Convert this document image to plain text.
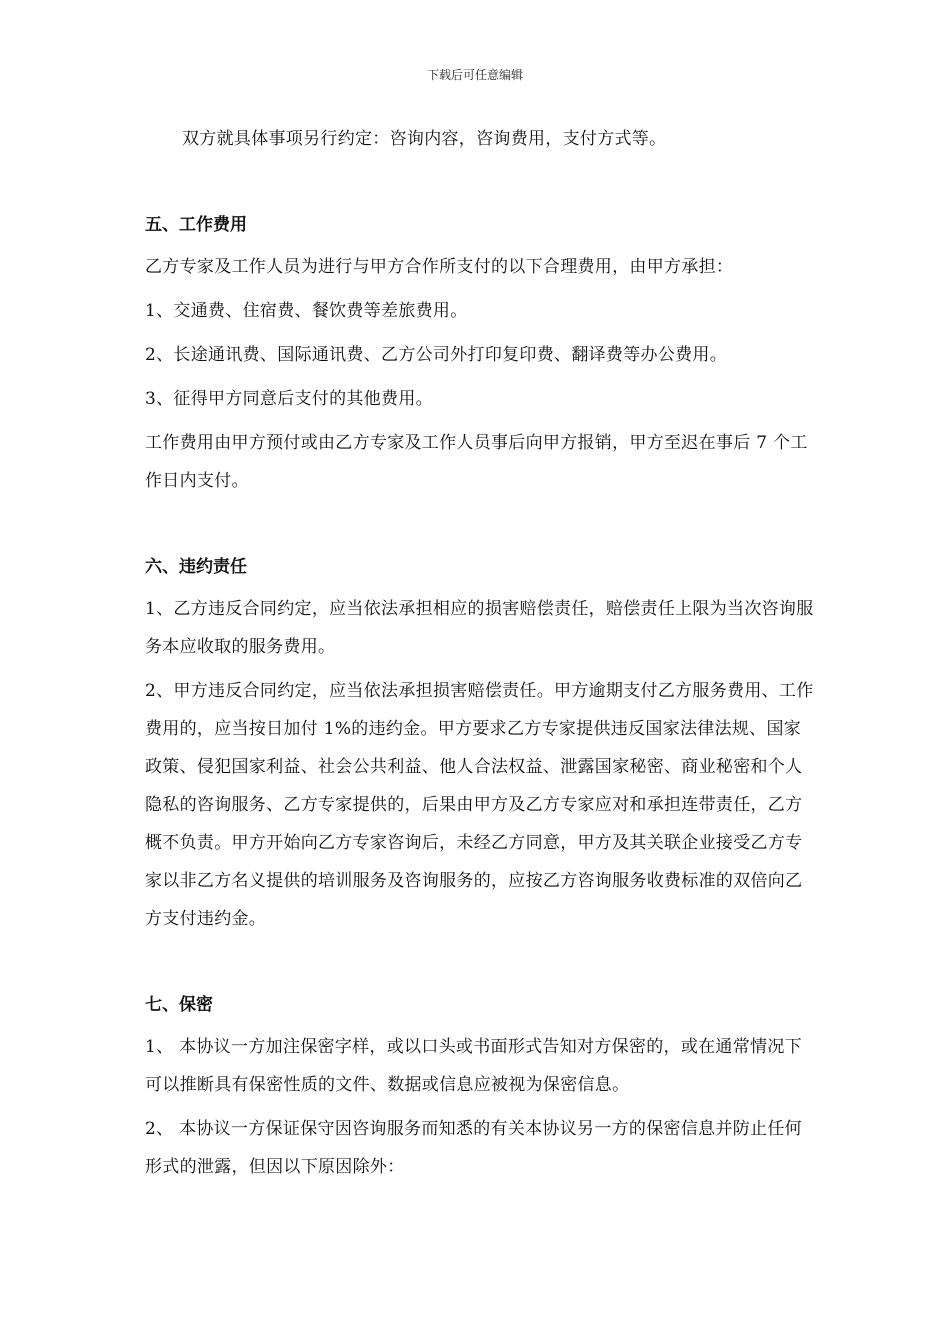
下载后可任意编辑

双方就具体事项另行约定：咨询内容，咨询费用，支付方式等。

五、工作费用

乙方专家及工作人员为进行与甲方合作所支付的以下合理费用，由甲方承担：

1、交通费、住宿费、餐饮费等差旅费用。

2、长途通讯费、国际通讯费、乙方公司外打印复印费、翻译费等办公费用。

3、征得甲方同意后支付的其他费用。

工作费用由甲方预付或由乙方专家及工作人员事后向甲方报销，甲方至迟在事后 7 个工作日内支付。

六、违约责任

1、乙方违反合同约定，应当依法承担相应的损害赔偿责任，赔偿责任上限为当次咨询服务本应收取的服务费用。

2、甲方违反合同约定，应当依法承担损害赔偿责任。甲方逾期支付乙方服务费用、工作费用的，应当按日加付 1%的违约金。甲方要求乙方专家提供违反国家法律法规、国家政策、侵犯国家利益、社会公共利益、他人合法权益、泄露国家秘密、商业秘密和个人隐私的咨询服务、乙方专家提供的，后果由甲方及乙方专家应对和承担连带责任，乙方概不负责。甲方开始向乙方专家咨询后，未经乙方同意，甲方及其关联企业接受乙方专家以非乙方名义提供的培训服务及咨询服务的，应按乙方咨询服务收费标准的双倍向乙方支付违约金。

七、保密

1、 本协议一方加注保密字样，或以口头或书面形式告知对方保密的，或在通常情况下可以推断具有保密性质的文件、数据或信息应被视为保密信息。

2、 本协议一方保证保守因咨询服务而知悉的有关本协议另一方的保密信息并防止任何形式的泄露，但因以下原因除外：
